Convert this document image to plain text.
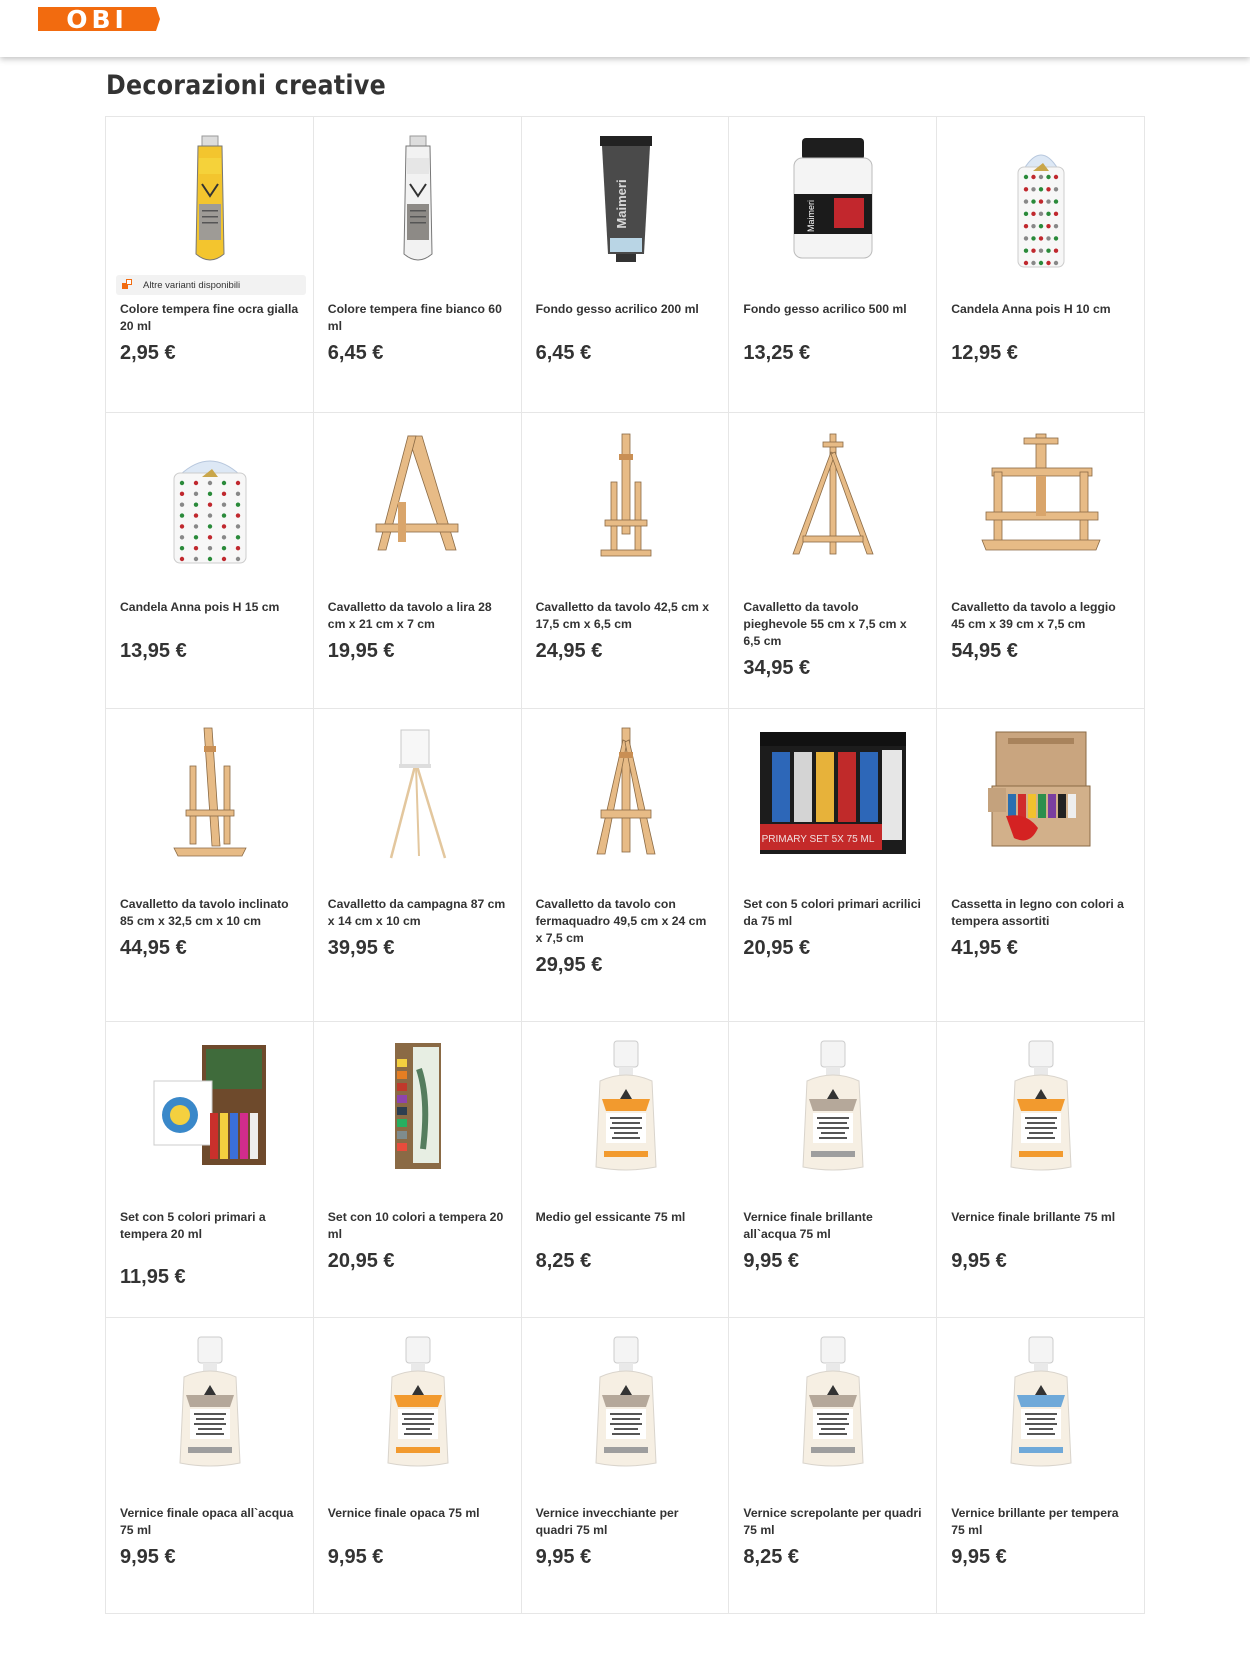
OBI
Decorazioni creative
Altre varianti disponibili
Colore tempera fine ocra gialla 20 ml
2,95 €
Colore tempera fine bianco 60 ml
6,45 €
Maimeri
Fondo gesso acrilico 200 ml
6,45 €
Maimeri
Fondo gesso acrilico 500 ml
13,25 €
Candela Anna pois H 10 cm
12,95 €
Candela Anna pois H 15 cm
13,95 €
Cavalletto da tavolo a lira 28 cm x 21 cm x 7 cm
19,95 €
Cavalletto da tavolo 42,5 cm x 17,5 cm x 6,5 cm
24,95 €
Cavalletto da tavolo pieghevole 55 cm x 7,5 cm x 6,5 cm
34,95 €
Cavalletto da tavolo a leggio 45 cm x 39 cm x 7,5 cm
54,95 €
Cavalletto da tavolo inclinato 85 cm x 32,5 cm x 10 cm
44,95 €
Cavalletto da campagna 87 cm x 14 cm x 10 cm
39,95 €
Cavalletto da tavolo con fermaquadro 49,5 cm x 24 cm x 7,5 cm
29,95 €
PRIMARY SET 5X 75 ML
Set con 5 colori primari acrilici da 75 ml
20,95 €
Cassetta in legno con colori a tempera assortiti
41,95 €
Set con 5 colori primari a tempera 20 ml
11,95 €
Set con 10 colori a tempera 20 ml
20,95 €
Medio gel essicante 75 ml
8,25 €
Vernice finale brillante all`acqua 75 ml
9,95 €
Vernice finale brillante 75 ml
9,95 €
Vernice finale opaca all`acqua 75 ml
9,95 €
Vernice finale opaca 75 ml
9,95 €
Vernice invecchiante per quadri 75 ml
9,95 €
Vernice screpolante per quadri 75 ml
8,25 €
Vernice brillante per tempera 75 ml
9,95 €
